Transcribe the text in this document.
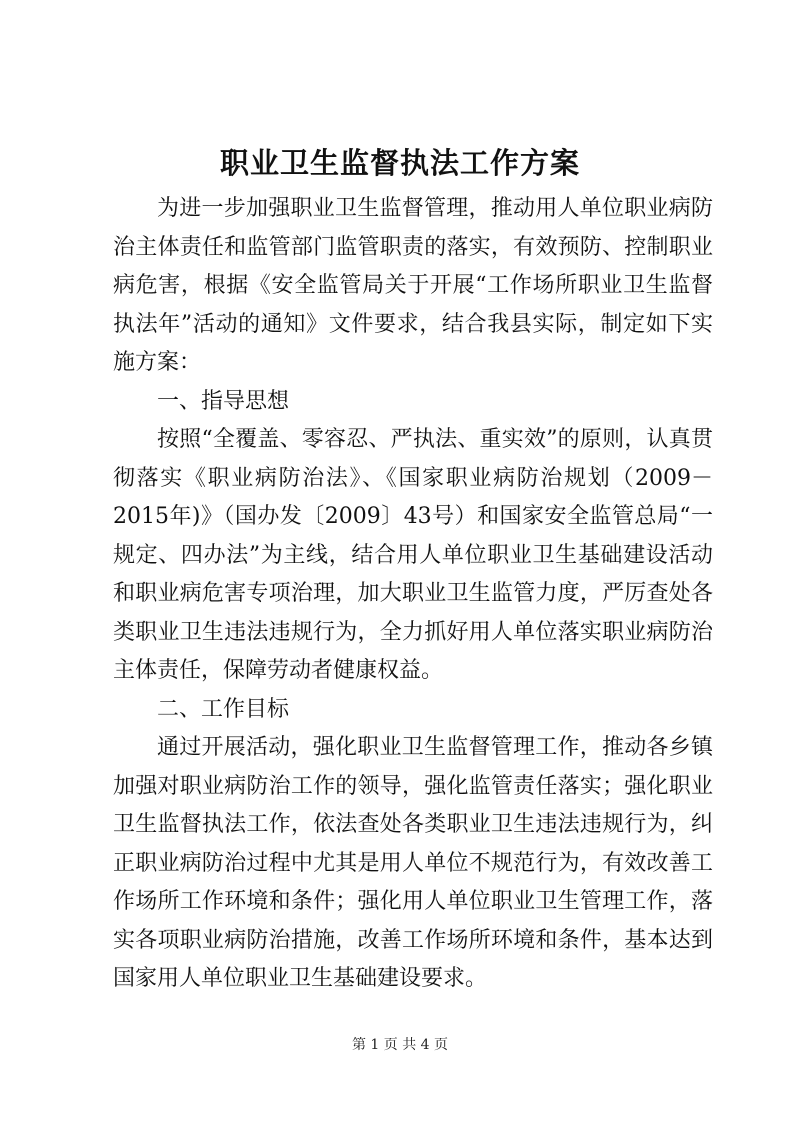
职业卫生监督执法工作方案

为进一步加强职业卫生监督管理，推动用人单位职业病防治主体责任和监管部门监管职责的落实，有效预防、控制职业病危害，根据《安全监管局关于开展“工作场所职业卫生监督执法年”活动的通知》文件要求，结合我县实际，制定如下实施方案：

一、指导思想

按照“全覆盖、零容忍、严执法、重实效”的原则，认真贯彻落实《职业病防治法》、《国家职业病防治规划（2009－2015年)》（国办发〔2009〕43号）和国家安全监管总局“一规定、四办法”为主线，结合用人单位职业卫生基础建设活动和职业病危害专项治理，加大职业卫生监管力度，严厉查处各类职业卫生违法违规行为，全力抓好用人单位落实职业病防治主体责任，保障劳动者健康权益。

二、工作目标

通过开展活动，强化职业卫生监督管理工作，推动各乡镇加强对职业病防治工作的领导，强化监管责任落实；强化职业卫生监督执法工作，依法查处各类职业卫生违法违规行为，纠正职业病防治过程中尤其是用人单位不规范行为，有效改善工作场所工作环境和条件；强化用人单位职业卫生管理工作，落实各项职业病防治措施，改善工作场所环境和条件，基本达到国家用人单位职业卫生基础建设要求。

第 1 页 共 4 页
